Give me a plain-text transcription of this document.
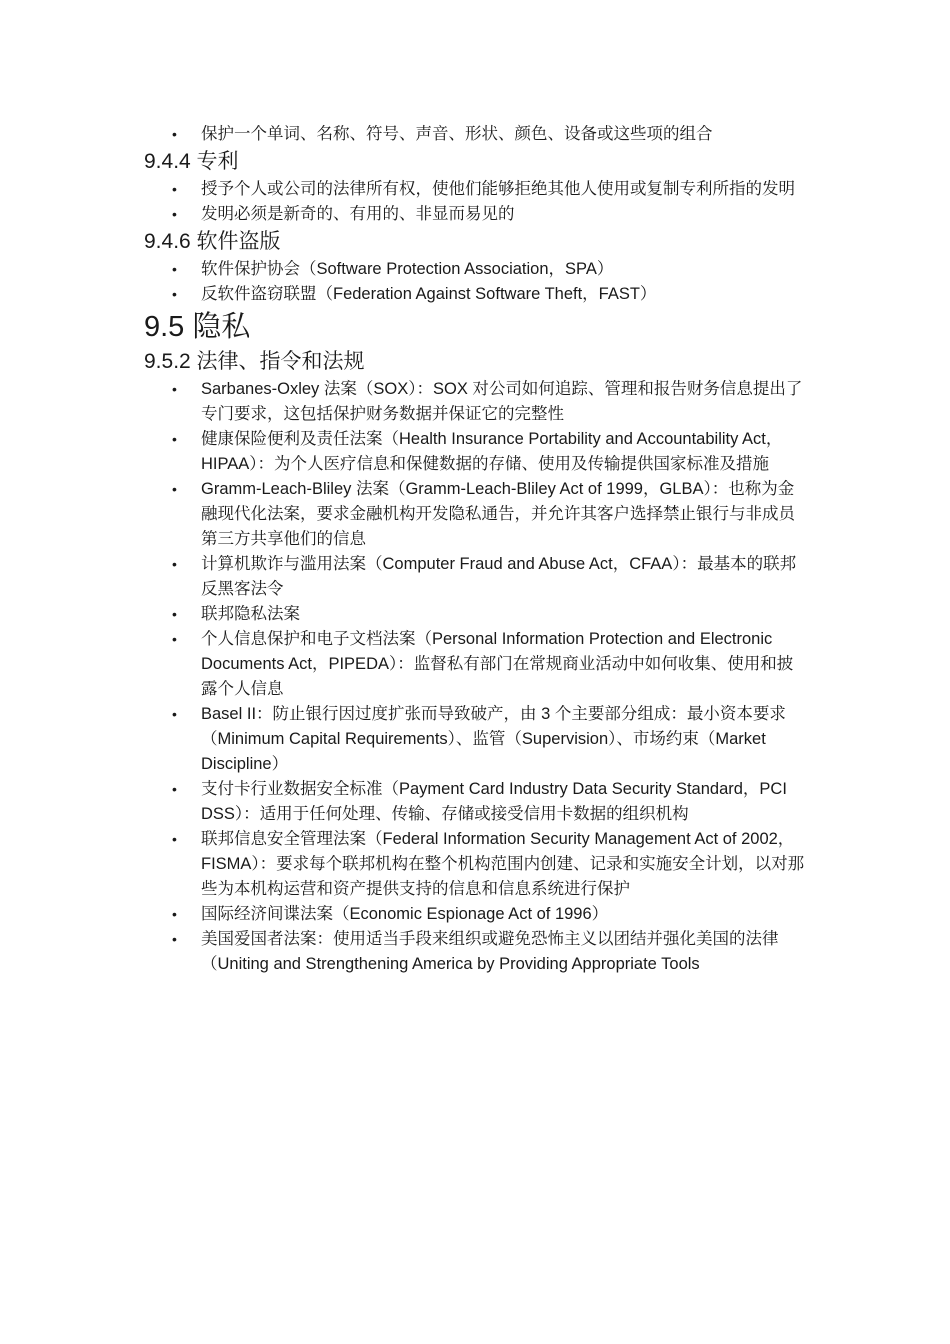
• 保护一个单词、名称、符号、声音、形状、颜色、设备或这些项的组合
9.4.4 专利
• 授予个人或公司的法律所有权，使他们能够拒绝其他人使用或复制专利所指的发明
• 发明必须是新奇的、有用的、非显而易见的
9.4.6 软件盗版
• 软件保护协会（Software Protection Association，SPA）
• 反软件盗窃联盟（Federation Against Software Theft，FAST）
9.5 隐私
9.5.2 法律、指令和法规
• Sarbanes-Oxley 法案（SOX）：SOX 对公司如何追踪、管理和报告财务信息提出了专门要求，这包括保护财务数据并保证它的完整性
• 健康保险便利及责任法案（Health Insurance Portability and Accountability Act，HIPAA）：为个人医疗信息和保健数据的存储、使用及传输提供国家标准及措施
• Gramm-Leach-Bliley 法案（Gramm-Leach-Bliley Act of 1999，GLBA）：也称为金融现代化法案，要求金融机构开发隐私通告，并允许其客户选择禁止银行与非成员第三方共享他们的信息
• 计算机欺诈与滥用法案（Computer Fraud and Abuse Act，CFAA）：最基本的联邦反黑客法令
• 联邦隐私法案
• 个人信息保护和电子文档法案（Personal Information Protection and Electronic Documents Act，PIPEDA）：监督私有部门在常规商业活动中如何收集、使用和披露个人信息
• Basel II：防止银行因过度扩张而导致破产，由 3 个主要部分组成：最小资本要求（Minimum Capital Requirements）、监管（Supervision）、市场约束（Market Discipline）
• 支付卡行业数据安全标准（Payment Card Industry Data Security Standard，PCI DSS）：适用于任何处理、传输、存储或接受信用卡数据的组织机构
• 联邦信息安全管理法案（Federal Information Security Management Act of 2002，FISMA）：要求每个联邦机构在整个机构范围内创建、记录和实施安全计划，以对那些为本机构运营和资产提供支持的信息和信息系统进行保护
• 国际经济间谍法案（Economic Espionage Act of 1996）
• 美国爱国者法案：使用适当手段来组织或避免恐怖主义以团结并强化美国的法律（Uniting and Strengthening America by Providing Appropriate Tools
